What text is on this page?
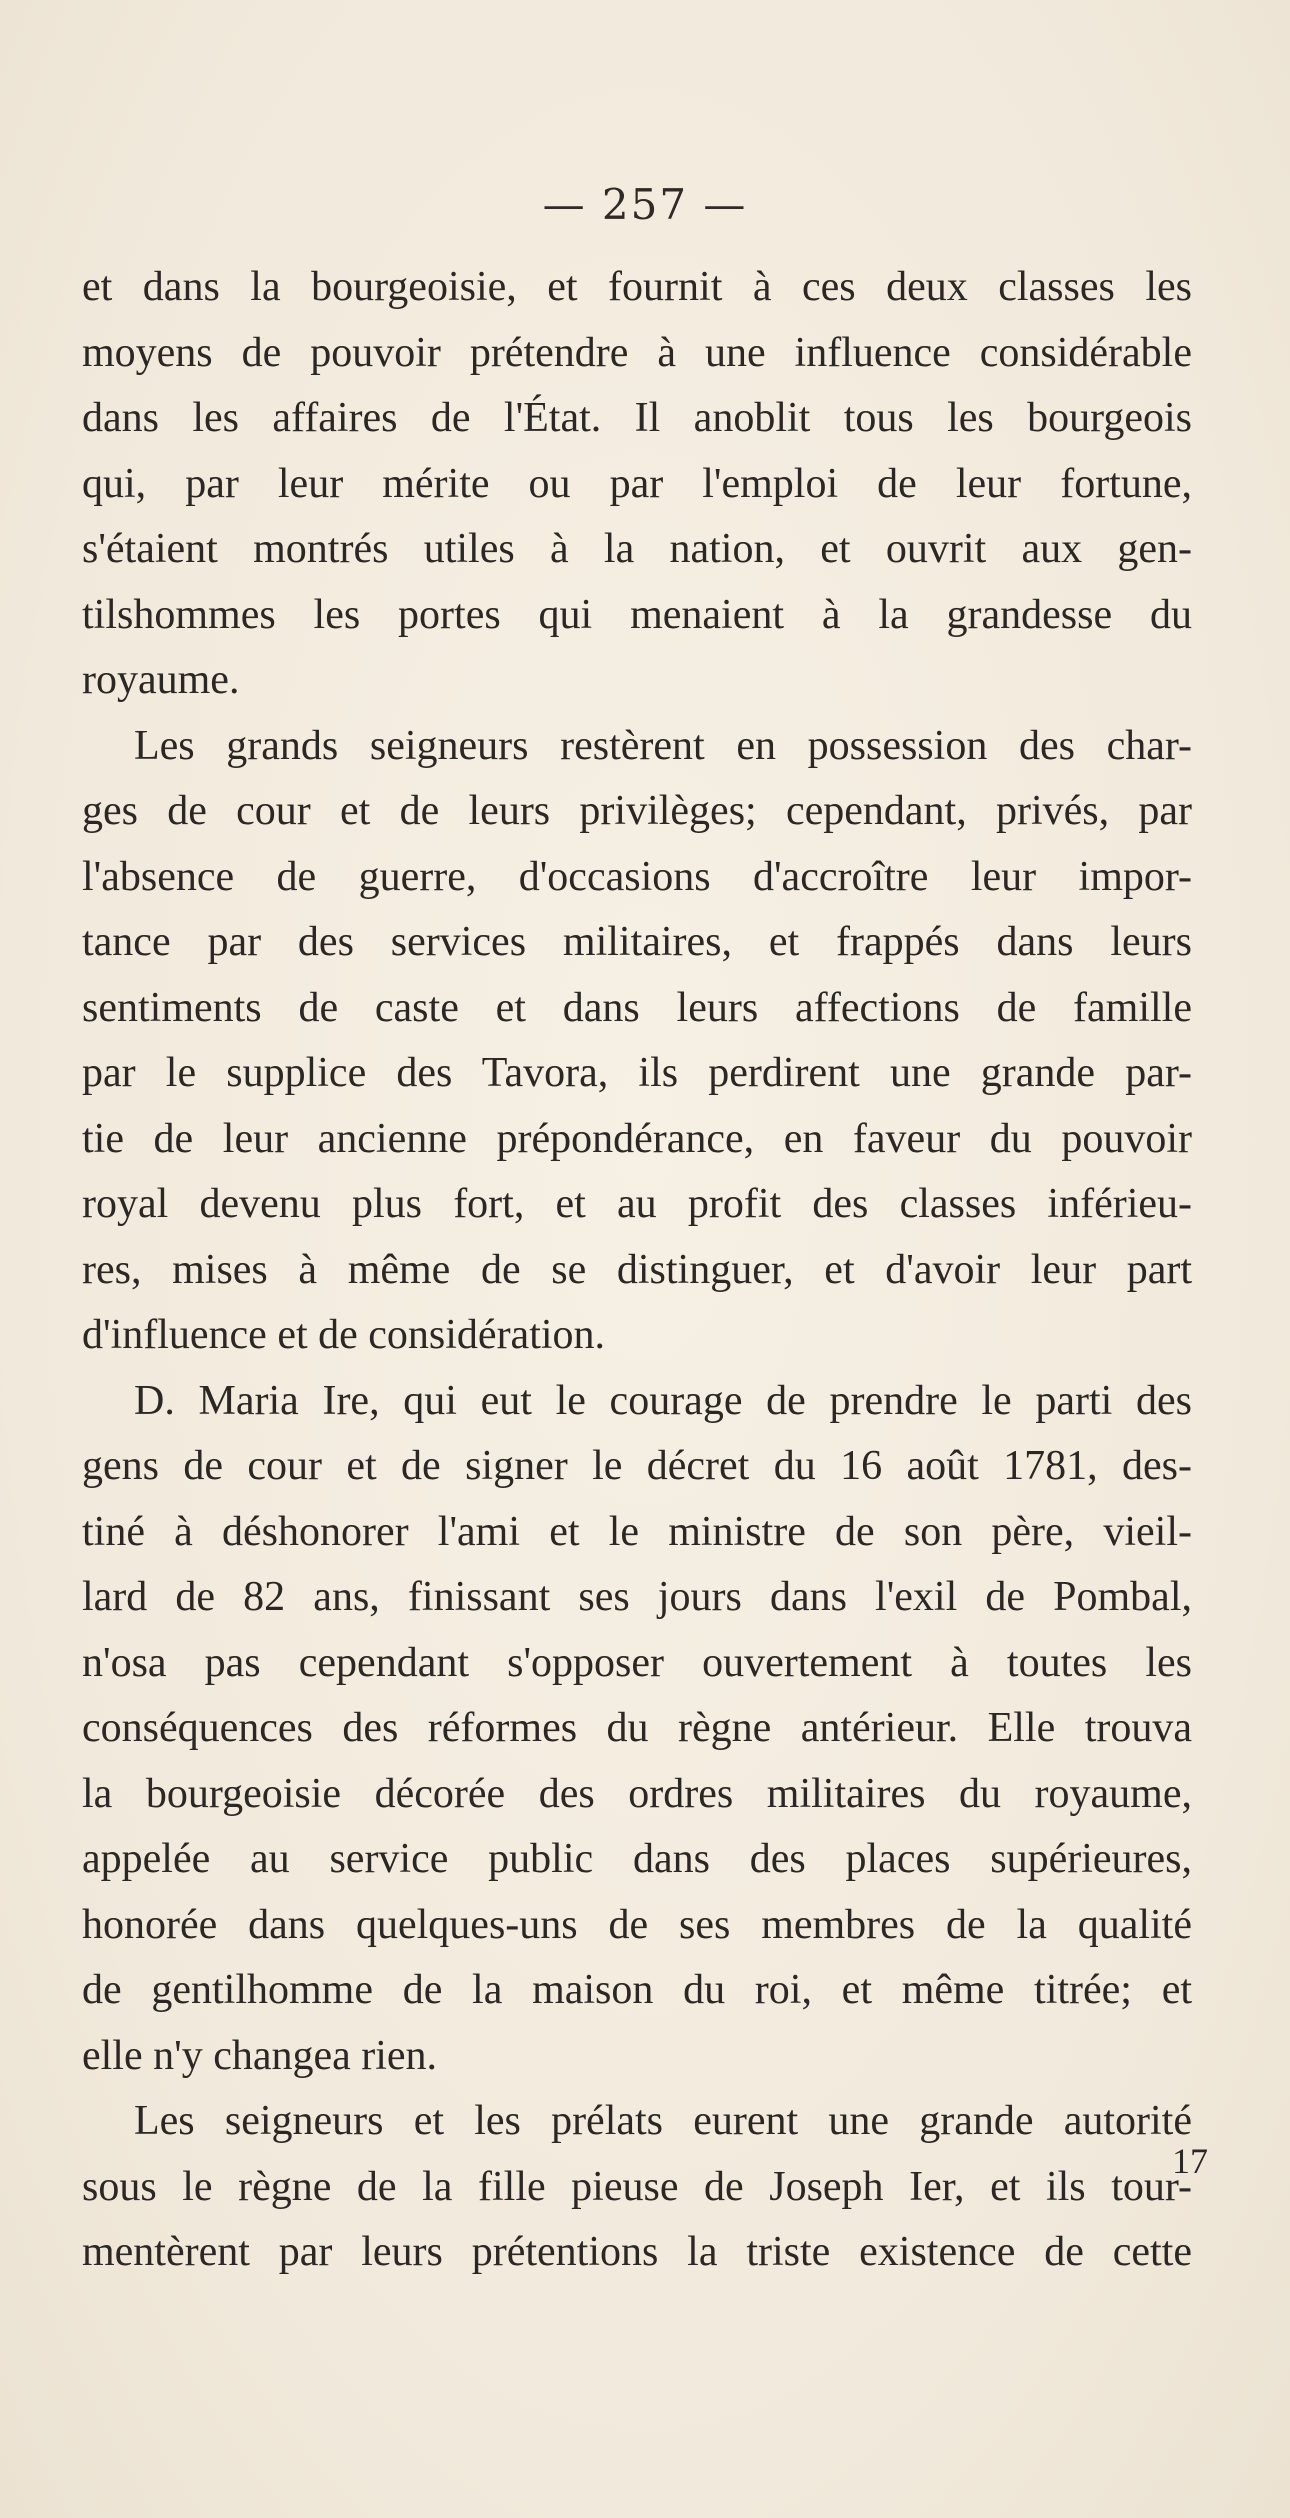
— 257 —
et dans la bourgeoisie, et fournit à ces deux classes les
moyens de pouvoir prétendre à une influence considérable
dans les affaires de l'État. Il anoblit tous les bourgeois
qui, par leur mérite ou par l'emploi de leur fortune,
s'étaient montrés utiles à la nation, et ouvrit aux gen-
tilshommes les portes qui menaient à la grandesse du
royaume.
Les grands seigneurs restèrent en possession des char-
ges de cour et de leurs privilèges; cependant, privés, par
l'absence de guerre, d'occasions d'accroître leur impor-
tance par des services militaires, et frappés dans leurs
sentiments de caste et dans leurs affections de famille
par le supplice des Tavora, ils perdirent une grande par-
tie de leur ancienne prépondérance, en faveur du pouvoir
royal devenu plus fort, et au profit des classes inférieu-
res, mises à même de se distinguer, et d'avoir leur part
d'influence et de considération.
D. Maria Ire, qui eut le courage de prendre le parti des
gens de cour et de signer le décret du 16 août 1781, des-
tiné à déshonorer l'ami et le ministre de son père, vieil-
lard de 82 ans, finissant ses jours dans l'exil de Pombal,
n'osa pas cependant s'opposer ouvertement à toutes les
conséquences des réformes du règne antérieur. Elle trouva
la bourgeoisie décorée des ordres militaires du royaume,
appelée au service public dans des places supérieures,
honorée dans quelques-uns de ses membres de la qualité
de gentilhomme de la maison du roi, et même titrée; et
elle n'y changea rien.
Les seigneurs et les prélats eurent une grande autorité
sous le règne de la fille pieuse de Joseph Ier, et ils tour-
mentèrent par leurs prétentions la triste existence de cette
17
